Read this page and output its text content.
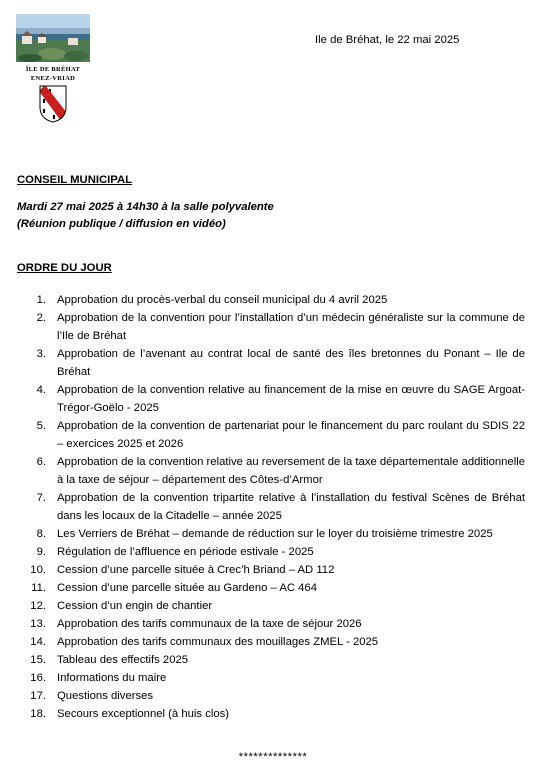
ÎLE DE BRÉHAT
ENEZ-VRIAD
Ile de Bréhat, le 22 mai 2025
CONSEIL MUNICIPAL
Mardi 27 mai 2025 à 14h30 à la salle polyvalente
(Réunion publique / diffusion en vidéo)
ORDRE DU JOUR
1. Approbation du procès-verbal du conseil municipal du 4 avril 2025
2. Approbation de la convention pour l’installation d’un médecin généraliste sur la commune de l’Ile de Bréhat
3. Approbation de l’avenant au contrat local de santé des îles bretonnes du Ponant – Ile de Bréhat
4. Approbation de la convention relative au financement de la mise en œuvre du SAGE Argoat-Trégor-Goëlo - 2025
5. Approbation de la convention de partenariat pour le financement du parc roulant du SDIS 22 – exercices 2025 et 2026
6. Approbation de la convention relative au reversement de la taxe départementale additionnelle à la taxe de séjour – département des Côtes-d’Armor
7. Approbation de la convention tripartite relative à l’installation du festival Scènes de Bréhat dans les locaux de la Citadelle – année 2025
8. Les Verriers de Bréhat – demande de réduction sur le loyer du troisième trimestre 2025
9. Régulation de l’affluence en période estivale - 2025
10. Cession d’une parcelle située à Crec’h Briand – AD 112
11. Cession d’une parcelle située au Gardeno – AC 464
12. Cession d’un engin de chantier
13. Approbation des tarifs communaux de la taxe de séjour 2026
14. Approbation des tarifs communaux des mouillages ZMEL - 2025
15. Tableau des effectifs 2025
16. Informations du maire
17. Questions diverses
18. Secours exceptionnel (à huis clos)
**************
